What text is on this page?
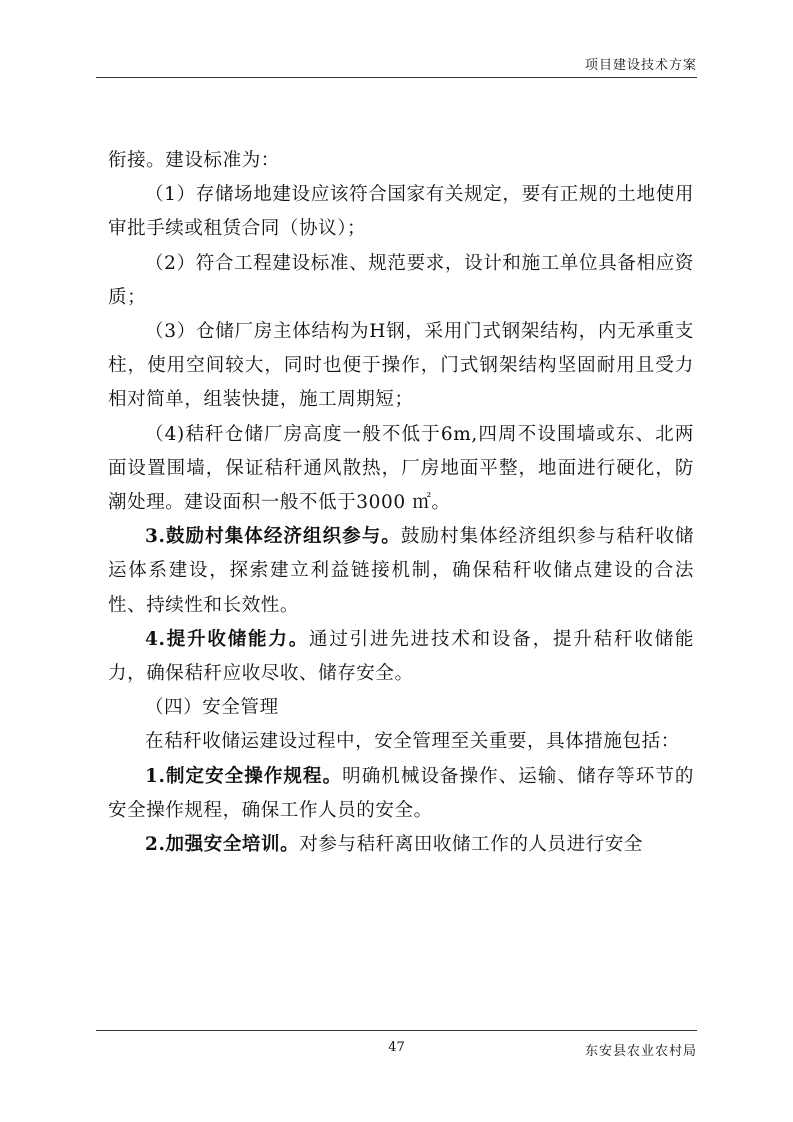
项目建设技术方案

衔接。建设标准为：

（1）存储场地建设应该符合国家有关规定，要有正规的土地使用审批手续或租赁合同（协议）；

（2）符合工程建设标准、规范要求，设计和施工单位具备相应资质；

（3）仓储厂房主体结构为H钢，采用门式钢架结构，内无承重支柱，使用空间较大，同时也便于操作，门式钢架结构坚固耐用且受力相对简单，组装快捷，施工周期短；

（4)秸秆仓储厂房高度一般不低于6m,四周不设围墙或东、北两面设置围墙，保证秸秆通风散热，厂房地面平整，地面进行硬化，防潮处理。建设面积一般不低于3000 ㎡。

3.鼓励村集体经济组织参与。鼓励村集体经济组织参与秸秆收储运体系建设，探索建立利益链接机制，确保秸秆收储点建设的合法性、持续性和长效性。

4.提升收储能力。通过引进先进技术和设备，提升秸秆收储能力，确保秸秆应收尽收、储存安全。

（四）安全管理

在秸秆收储运建设过程中，安全管理至关重要，具体措施包括：

1.制定安全操作规程。明确机械设备操作、运输、储存等环节的安全操作规程，确保工作人员的安全。

2.加强安全培训。对参与秸秆离田收储工作的人员进行安全

47	东安县农业农村局
